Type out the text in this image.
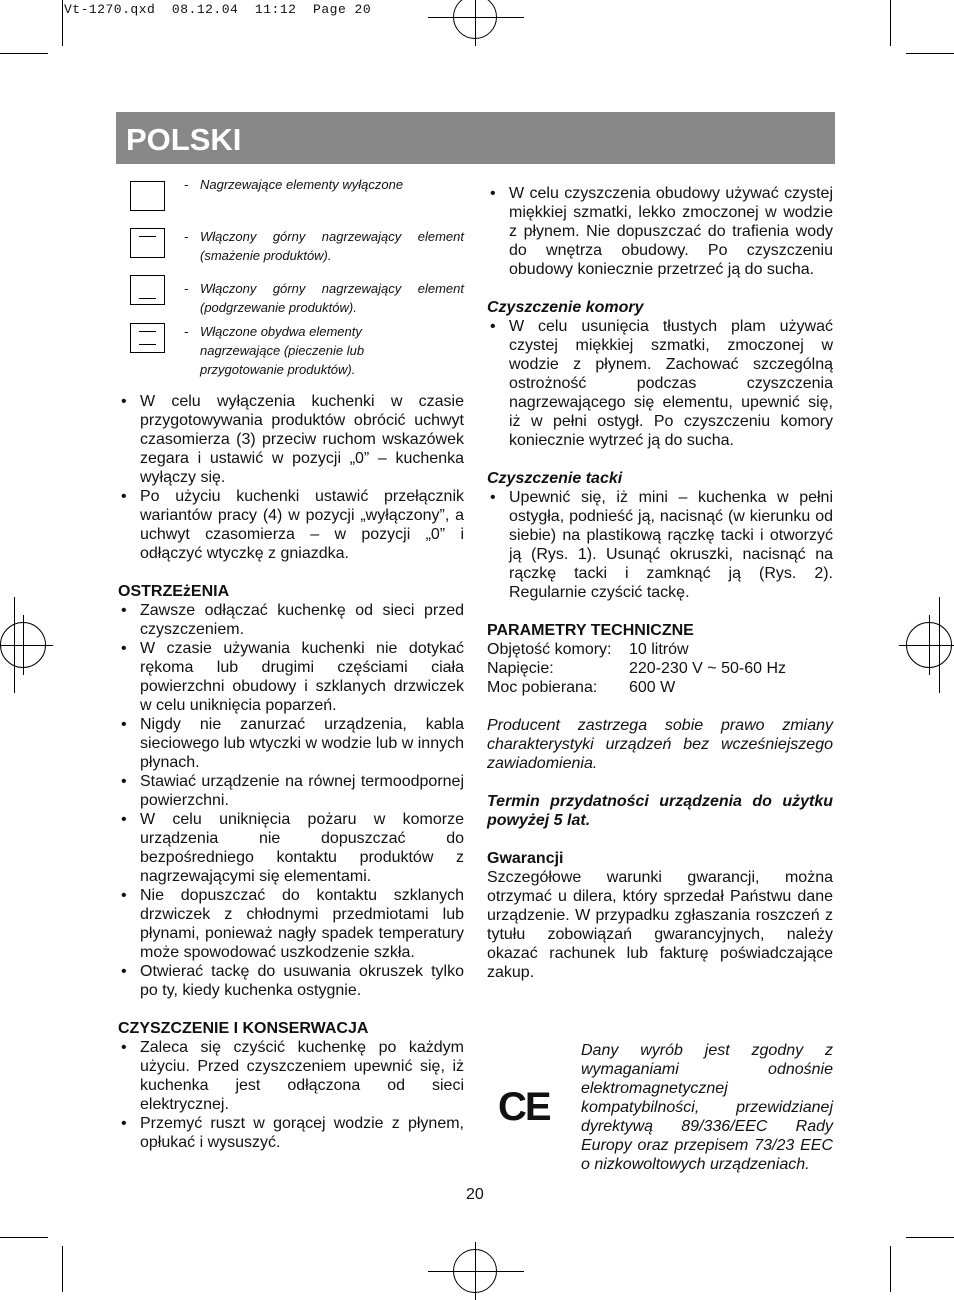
Vt-1270.qxd  08.12.04  11:12  Page 20
POLSKI
- Nagrzewające elementy wyłączone
- Włączony górny nagrzewający element (smażenie produktów).
- Włączony górny nagrzewający element (podgrzewanie produktów).
- Włączone obydwa elementy nagrzewające (pieczenie lub przygotowanie produktów).
• W celu wyłączenia kuchenki w czasie przygotowywania produktów obrócić uchwyt czasomierza (3) przeciw ruchom wskazówek zegara i ustawić w pozycji „0” – kuchenka wyłączy się.
• Po użyciu kuchenki ustawić przełącznik wariantów pracy (4) w pozycji „wyłączony”, a uchwyt czasomierza – w pozycji „0” i odłączyć wtyczkę z gniazdka.
OSTRZEżENIA
• Zawsze odłączać kuchenkę od sieci przed czyszczeniem.
• W czasie używania kuchenki nie dotykać rękoma lub drugimi częściami ciała powierzchni obudowy i szklanych drzwiczek w celu uniknięcia poparzeń.
• Nigdy nie zanurzać urządzenia, kabla sieciowego lub wtyczki w wodzie lub w innych płynach.
• Stawiać urządzenie na równej termoodpornej powierzchni.
• W celu uniknięcia pożaru w komorze urządzenia nie dopuszczać do bezpośredniego kontaktu produktów z nagrzewającymi się elementami.
• Nie dopuszczać do kontaktu szklanych drzwiczek z chłodnymi przedmiotami lub płynami, ponieważ nagły spadek temperatury może spowodować uszkodzenie szkła.
• Otwierać tackę do usuwania okruszek tylko po ty, kiedy kuchenka ostygnie.
CZYSZCZENIE I KONSERWACJA
• Zaleca się czyścić kuchenkę po każdym użyciu. Przed czyszczeniem upewnić się, iż kuchenka jest odłączona od sieci elektrycznej.
• Przemyć ruszt w gorącej wodzie z płynem, opłukać i wysuszyć.
• W celu czyszczenia obudowy używać czystej miękkiej szmatki, lekko zmoczonej w wodzie z płynem. Nie dopuszczać do trafienia wody do wnętrza obudowy. Po czyszczeniu obudowy koniecznie przetrzeć ją do sucha.
Czyszczenie komory
• W celu usunięcia tłustych plam używać czystej miękkiej szmatki, zmoczonej w wodzie z płynem. Zachować szczególną ostrożność podczas czyszczenia nagrzewającego się elementu, upewnić się, iż w pełni ostygł. Po czyszczeniu komory koniecznie wytrzeć ją do sucha.
Czyszczenie tacki
• Upewnić się, iż mini – kuchenka w pełni ostygła, podnieść ją, nacisnąć (w kierunku od siebie) na plastikową rączkę tacki i otworzyć ją (Rys. 1). Usunąć okruszki, nacisnąć na rączkę tacki i zamknąć ją (Rys. 2). Regularnie czyścić tackę.
PARAMETRY TECHNICZNE
Objętość komory:	10 litrów
Napięcie:	220-230 V ~ 50-60 Hz
Moc pobierana:	600 W

Producent zastrzega sobie prawo zmiany charakterystyki urządzeń bez wcześniejszego zawiadomienia.

Termin przydatności urządzenia do użytku powyżej 5 lat.

Gwarancji

Szczegółowe warunki gwarancji, można otrzymać u dilera, który sprzedał Państwu dane urządzenie. W przypadku zgłaszania roszczeń z tytułu zobowiązań gwarancyjnych, należy okazać rachunek lub fakturę poświadczające zakup.

CE
Dany wyrób jest zgodny z wymaganiami odnośnie elektromagnetycznej kompatybilności, przewidzianej dyrektywą 89/336/EEC Rady Europy oraz przepisem 73/23 EEC o nizkowoltowych urządzeniach.
20
